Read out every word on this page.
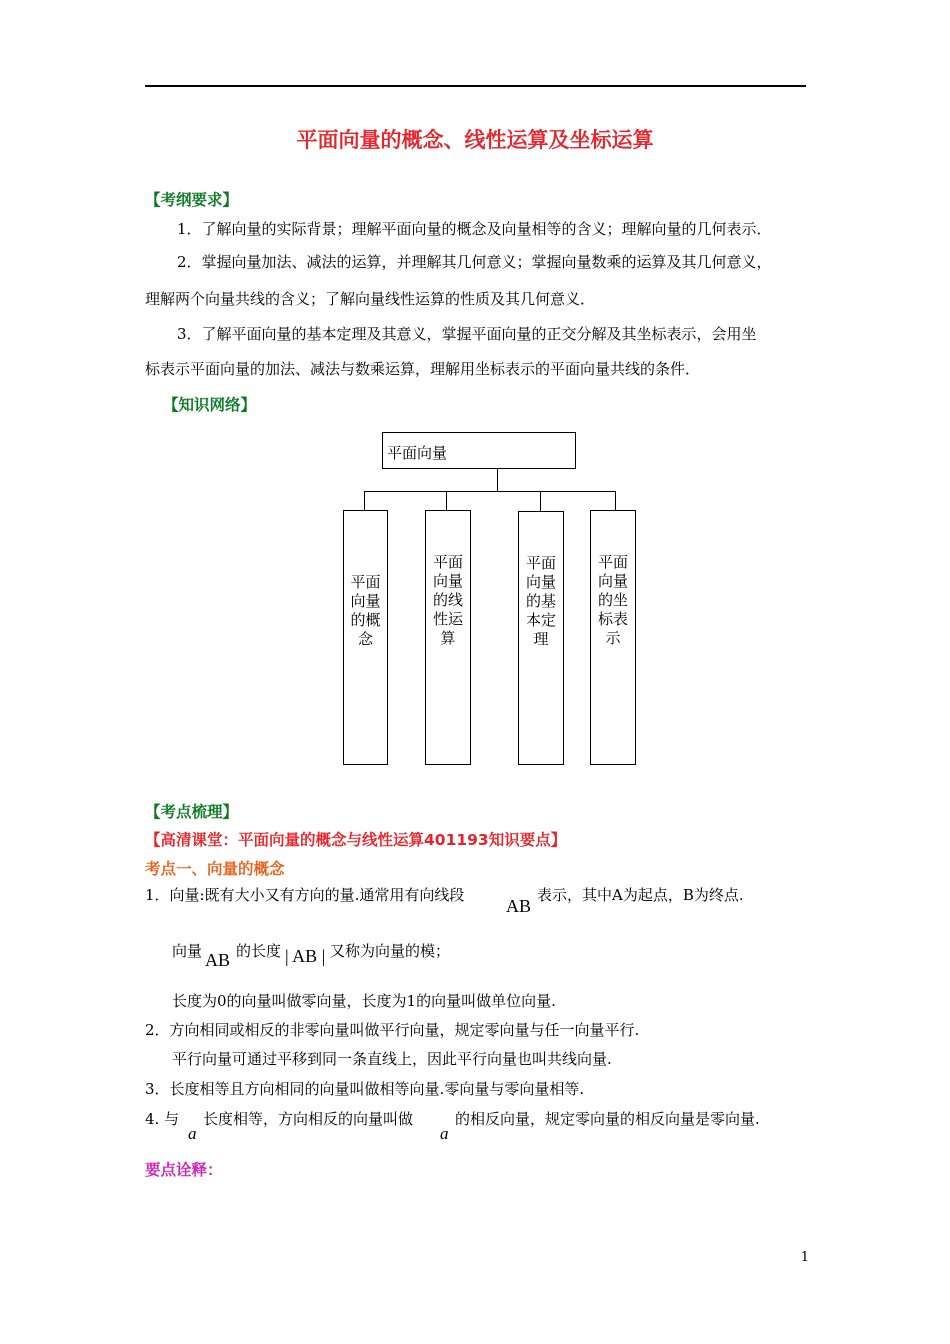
平面向量的概念、线性运算及坐标运算
【考纲要求】
1．了解向量的实际背景；理解平面向量的概念及向量相等的含义；理解向量的几何表示．
2．掌握向量加法、减法的运算，并理解其几何意义；掌握向量数乘的运算及其几何意义，
理解两个向量共线的含义；了解向量线性运算的性质及其几何意义．
3．了解平面向量的基本定理及其意义，掌握平面向量的正交分解及其坐标表示，会用坐
标表示平面向量的加法、减法与数乘运算，理解用坐标表示的平面向量共线的条件．
【知识网络】
平面向量
平面向量的概念
平面向量的线性运算
平面向量的基本定理
平面向量的坐标表示
【考点梳理】
【高清课堂：平面向量的概念与线性运算401193知识要点】
考点一、向量的概念
1．向量:既有大小又有方向的量.通常用有向线段
AB
表示，其中A为起点，B为终点.
向量 AB 的长度 | AB | 又称为向量的模；
长度为0的向量叫做零向量，长度为1的向量叫做单位向量.
2．方向相同或相反的非零向量叫做平行向量，规定零向量与任一向量平行.
平行向量可通过平移到同一条直线上，因此平行向量也叫共线向量.
3．长度相等且方向相同的向量叫做相等向量.零向量与零向量相等.
4. 与
a
长度相等，方向相反的向量叫做
a
的相反向量，规定零向量的相反向量是零向量.
要点诠释：
1
